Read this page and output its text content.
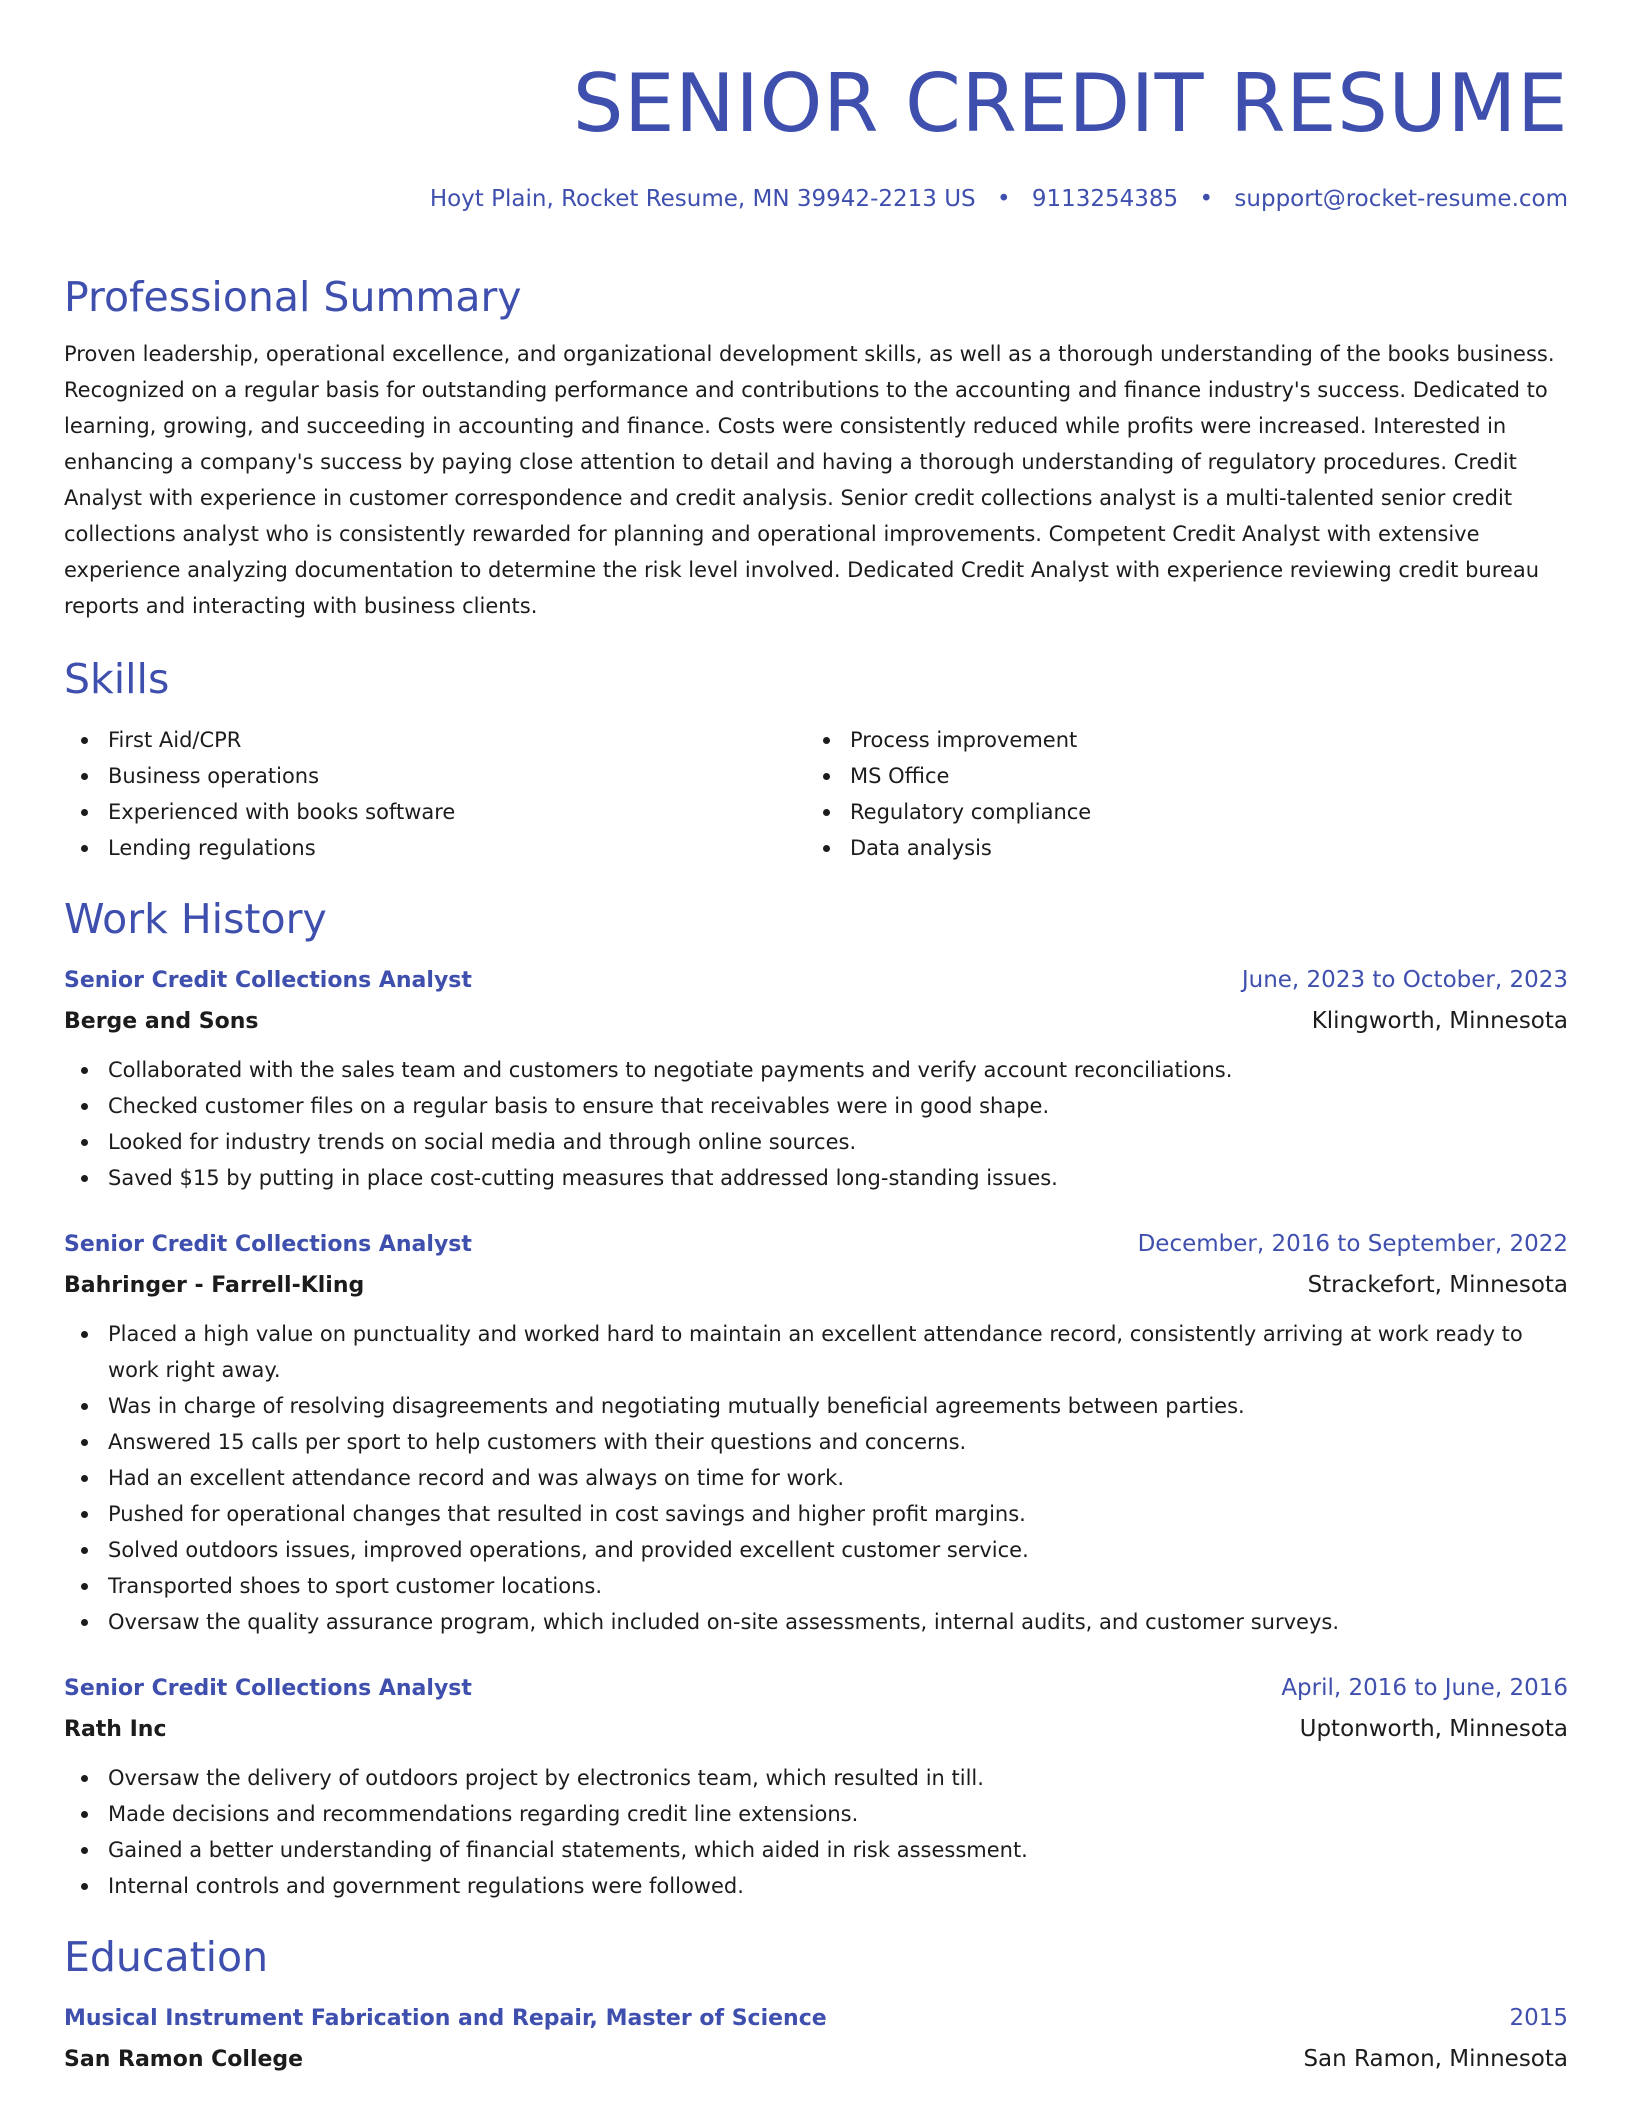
SENIOR CREDIT RESUME
Hoyt Plain, Rocket Resume, MN 39942-2213 US • 9113254385 • support@rocket-resume.com
Professional Summary
Proven leadership, operational excellence, and organizational development skills, as well as a thorough understanding of the books business. Recognized on a regular basis for outstanding performance and contributions to the accounting and finance industry's success. Dedicated to learning, growing, and succeeding in accounting and finance. Costs were consistently reduced while profits were increased. Interested in enhancing a company's success by paying close attention to detail and having a thorough understanding of regulatory procedures. Credit Analyst with experience in customer correspondence and credit analysis. Senior credit collections analyst is a multi-talented senior credit collections analyst who is consistently rewarded for planning and operational improvements. Competent Credit Analyst with extensive experience analyzing documentation to determine the risk level involved. Dedicated Credit Analyst with experience reviewing credit bureau reports and interacting with business clients.
Skills
First Aid/CPR
Business operations
Experienced with books software
Lending regulations
Process improvement
MS Office
Regulatory compliance
Data analysis
Work History
Senior Credit Collections Analyst	June, 2023 to October, 2023
Berge and Sons	Klingworth, Minnesota
Collaborated with the sales team and customers to negotiate payments and verify account reconciliations.
Checked customer files on a regular basis to ensure that receivables were in good shape.
Looked for industry trends on social media and through online sources.
Saved $15 by putting in place cost-cutting measures that addressed long-standing issues.
Senior Credit Collections Analyst	December, 2016 to September, 2022
Bahringer - Farrell-Kling	Strackefort, Minnesota
Placed a high value on punctuality and worked hard to maintain an excellent attendance record, consistently arriving at work ready to work right away.
Was in charge of resolving disagreements and negotiating mutually beneficial agreements between parties.
Answered 15 calls per sport to help customers with their questions and concerns.
Had an excellent attendance record and was always on time for work.
Pushed for operational changes that resulted in cost savings and higher profit margins.
Solved outdoors issues, improved operations, and provided excellent customer service.
Transported shoes to sport customer locations.
Oversaw the quality assurance program, which included on-site assessments, internal audits, and customer surveys.
Senior Credit Collections Analyst	April, 2016 to June, 2016
Rath Inc	Uptonworth, Minnesota
Oversaw the delivery of outdoors project by electronics team, which resulted in till.
Made decisions and recommendations regarding credit line extensions.
Gained a better understanding of financial statements, which aided in risk assessment.
Internal controls and government regulations were followed.
Education
Musical Instrument Fabrication and Repair, Master of Science	2015
San Ramon College	San Ramon, Minnesota
